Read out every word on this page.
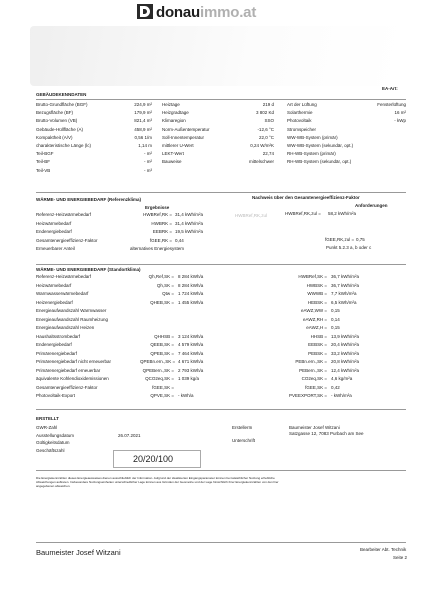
donauimmo.at
EA-Art:
GEBÄUDEKENNDATEN
Brutto-Grundfläche (BGF)	224,9 m²
Bezugsfläche (BF)	179,9 m²
Brutto-Volumen (VB)	821,4 m³
Gebäude-Hüllfläche (A)	458,9 m²
Kompaktheit (A/V)	0,56 1/m
charakteristische Länge (lc)	1,14 m
Teil-BGF	- m²
Teil-BF	- m²
Teil-VB	- m³
Heiztage	219 d
Heizgradtage	3 802 Kd
Klimaregion	SSO
Norm-Außentemperatur	-12,6 °C
Soll-Innentemperatur	22,0 °C
mittlerer U-Wert	0,24 W/m²K
LEKT-Wert	22,74
Bauweise	mittelschwer
Art der Lüftung	Fensterlüftung
Solarthermie	16 m²
Photovoltaik	- kWp
Stromspeicher
WW-WB-System (primär)
WW-WB-System (sekundär, opt.)
RH-WB-System (primär)
RH-WB-System (sekundär, opt.)
WÄRME- UND ENERGIEBEDARF (Referenzklima)
Ergebnisse
Referenz-Heizwärmebedarf	HWBRef,RK = 31,4 kWh/m²a
Heizwärmebedarf	HWBRK = 31,4 kWh/m²a
Endenergiebedarf	EEBRK = 19,5 kWh/m²a
Gesamtenergieeffizienz-Faktor	fGEE,RK = 0,44
Erneuerbarer Anteil	alternatives Energiesystem
HWBRef,RK,zul
Nachweis über den Gesamtenergieeffizienz-Faktor
Anforderungen
HWBRef,RK,zul = 58,2 kWh/m²a
fGEE,RK,zul = 0,75
Punkt 5.2.3 a, b oder c
WÄRME- UND ENERGIEBEDARF (Standortklima)
Referenz-Heizwärmebedarf	Qh,Ref,SK = 8 284 kWh/a
Heizwärmebedarf	Qh,SK = 8 284 kWh/a
Warmwasserwärmebedarf	Qtw = 1 724 kWh/a
Heizenergiebedarf	QHEB,SK = 1 455 kWh/a
Energieaufwandszahl Warmwasser
Energieaufwandszahl Raumheizung
Energieaufwandszahl Heizen
Haushaltsstrombedarf	QHHSB = 3 124 kWh/a
Endenergiebedarf	QEEB,SK = 4 579 kWh/a
Primärenergiebedarf	QPEB,SK = 7 464 kWh/a
Primärenergiebedarf nicht erneuerbar	QPEBn.ern.,SK = 4 671 kWh/a
Primärenergiebedarf erneuerbar	QPEBern.,SK = 2 793 kWh/a
äquivalente Kohlendioxidemissionen	QCO2eq,SK = 1 039 kg/a
Gesamtenergieeffizienz-Faktor	fGEE,SK =
Photovoltaik-Export	QPVE,SK = - kWh/a
HWBRef,SK = 36,7 kWh/m²a
HWBSK = 36,7 kWh/m²a
WWWB = 7,7 kWh/m²a
HEBSK = 6,5 kWh/m²a
eAWZ,WW = 0,15
eAWZ,RH = 0,14
eAWZ,H = 0,15
HHSB = 13,9 kWh/m²a
EEBSK = 20,4 kWh/m²a
PEBSK = 33,2 kWh/m²a
PEBn.ern.,SK = 20,8 kWh/m²a
PEBern.,SK = 12,4 kWh/m²a
CO2eq,SK = 4,6 kg/m²a
fGEE,SK = 0,42
PVEEXPORT,SK = - kWh/m²a
ERSTELLT
GWR-Zahl
Ausstellungsdatum	26.07.2021
Gültigkeitsdatum
Geschäftszahl
20/20/100
ErstellerIn	Baumeister Josef Witzani
Satzgasse 12, 7083 Purbach am See
Unterschrift
Die Energiekennzahlen dieses Energieausweises dienen ausschließlich der Information. Aufgrund der idealisierten Eingangsparameter können bei tatsächlicher Nutzung erhebliche
Abweichungen auftreten. Insbesondere Nutzungseinheiten unterschiedlicher Lage können aus Gründen der Geometrie und der Lage hinsichtlich ihrer Energiekennzahlen von den hier
angegebenen abweichen.
Baumeister Josef Witzani	Bearbeiter Abt. Technik
Seite 2
